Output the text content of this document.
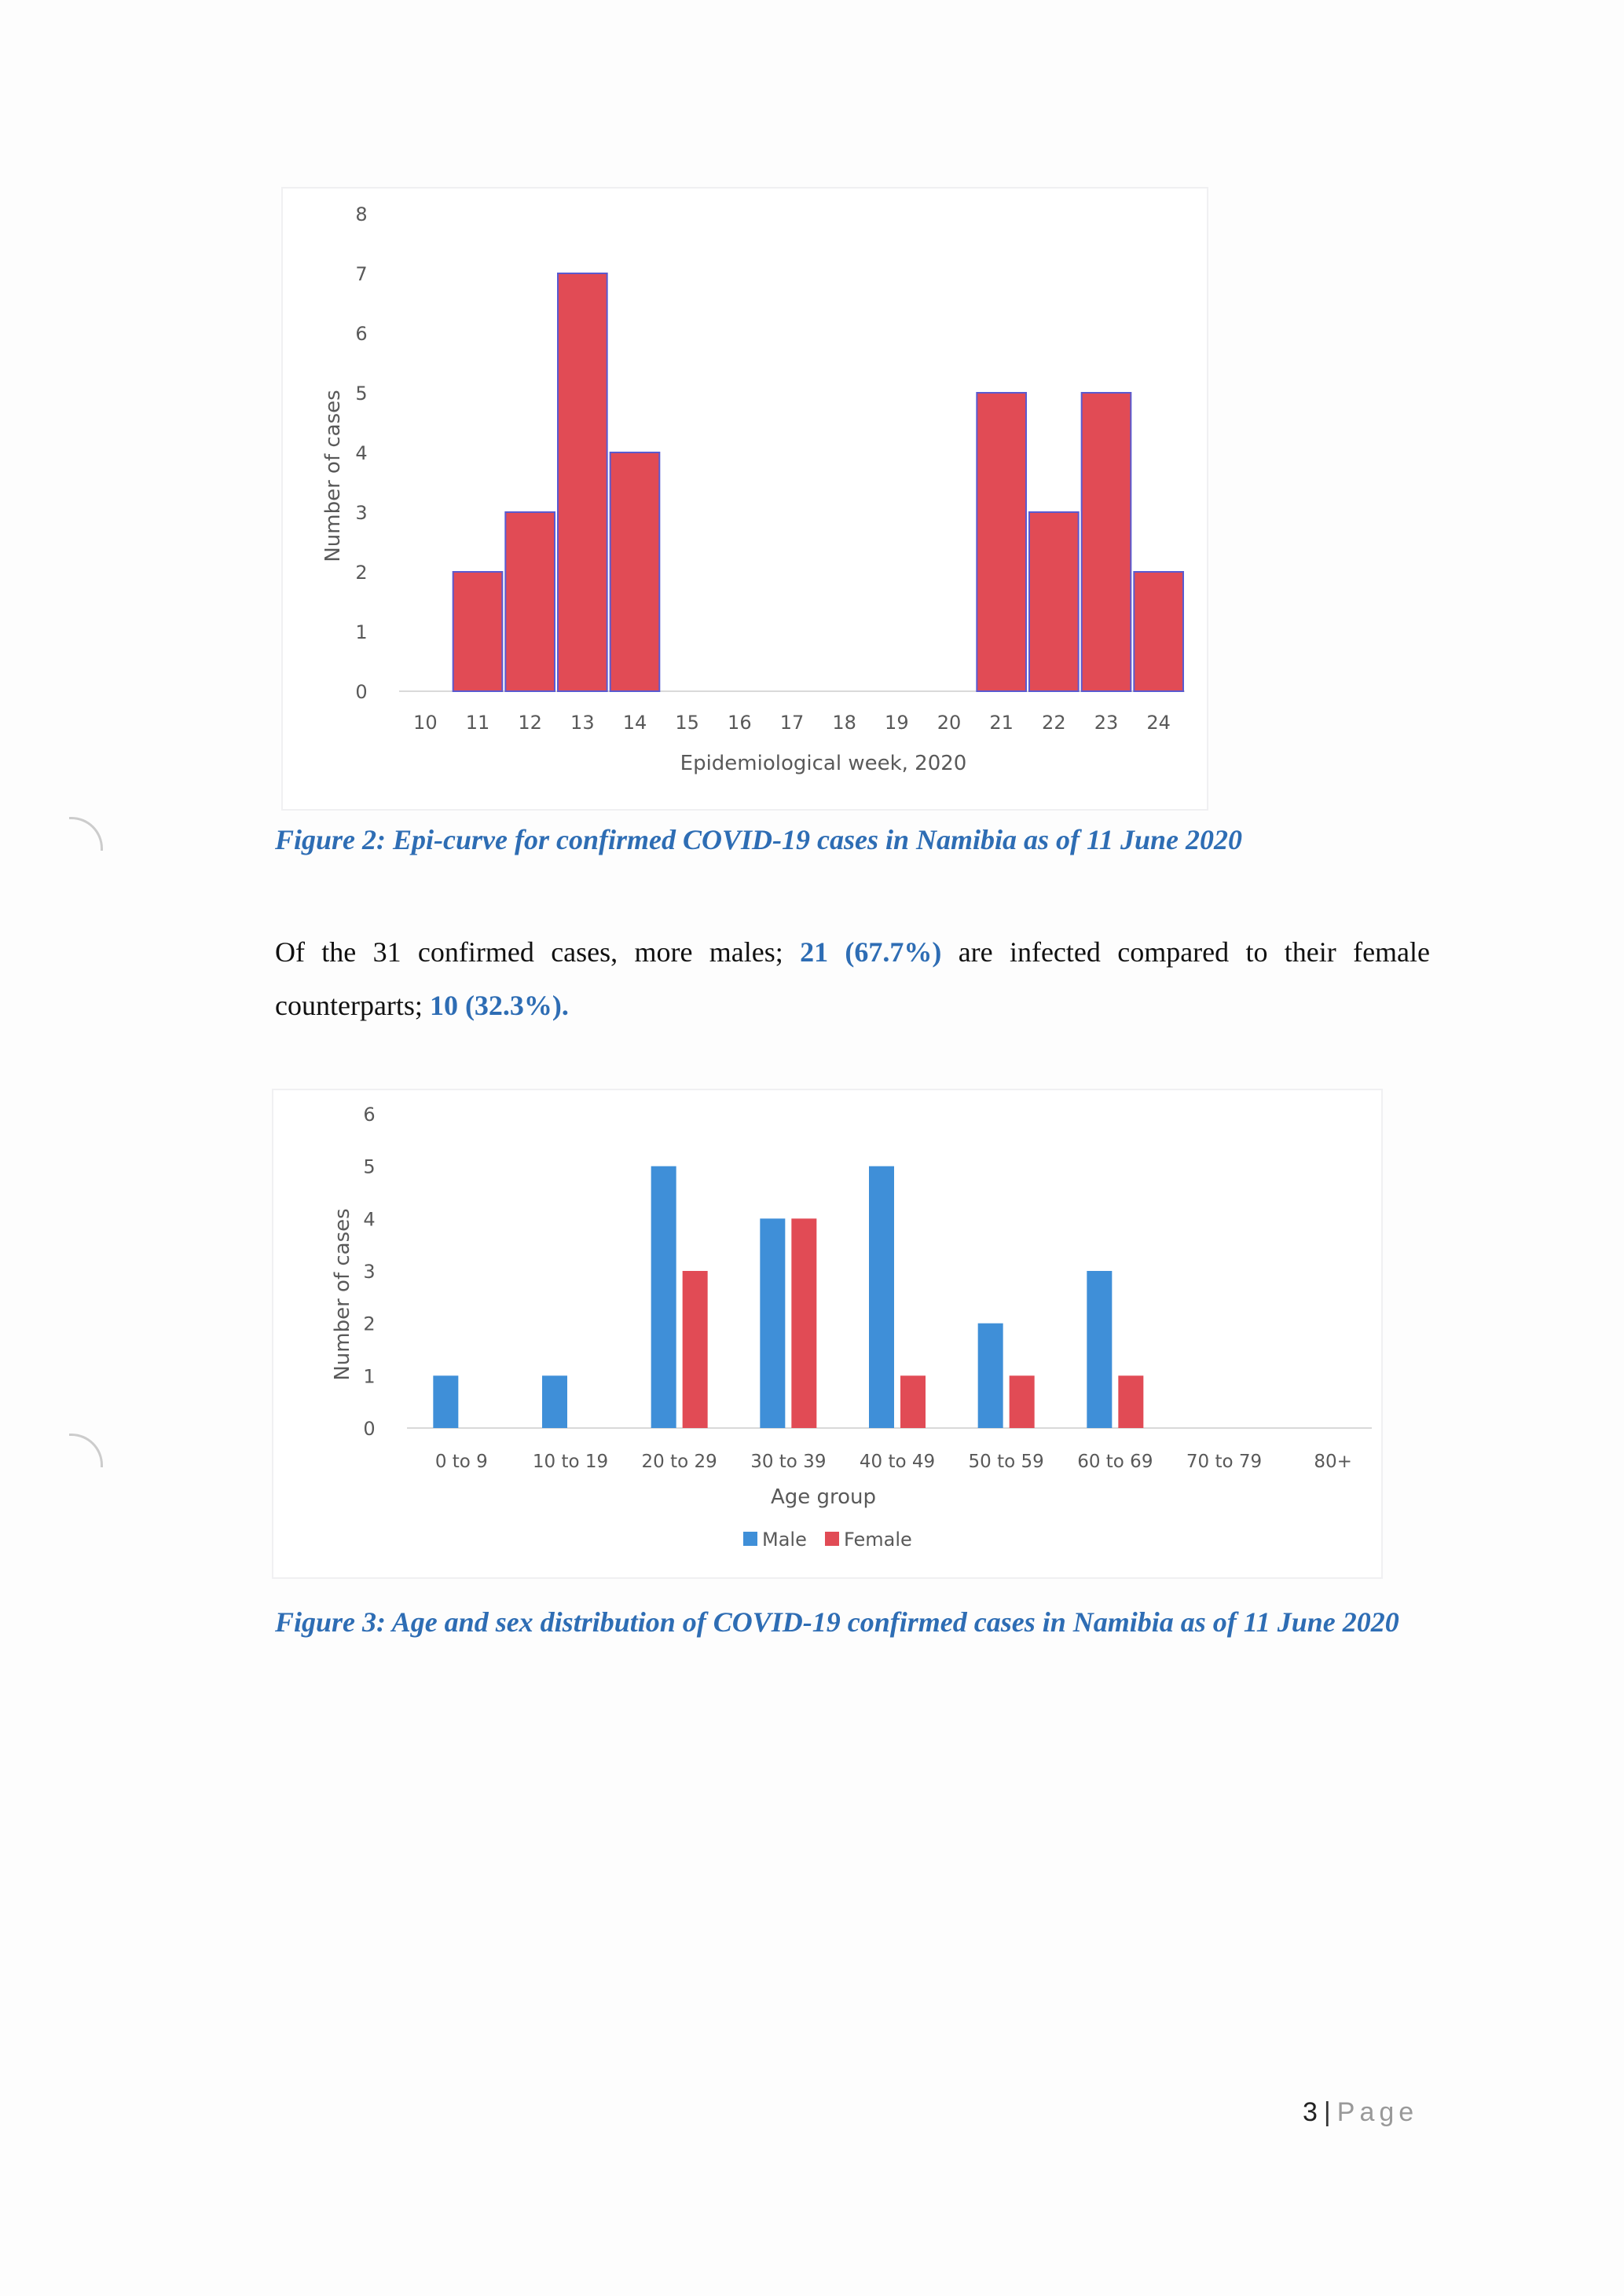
0
1
2
3
4
5
6
7
8
10 11 12 13 14 15 16 17 18 19 20 21 22 23 24
Epidemiological week, 2020
Number of cases
Figure 2: Epi-curve for confirmed COVID-19 cases in Namibia as of 11 June 2020
Of the 31 confirmed cases, more males; 21 (67.7%) are infected compared to their female counterparts; 10 (32.3%).
0
1
2
3
4
5
6
0 to 9 10 to 19 20 to 29 30 to 39 40 to 49 50 to 59 60 to 69 70 to 79	80+
Age group
Number of cases
Male Female
Figure 3: Age and sex distribution of COVID-19 confirmed cases in Namibia as of 11 June 2020
3 | Page
